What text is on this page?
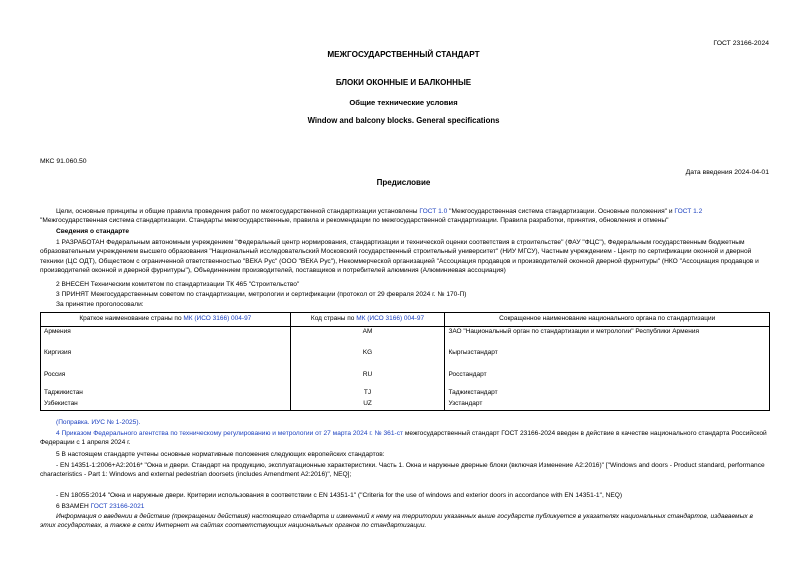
ГОСТ 23166-2024
МЕЖГОСУДАРСТВЕННЫЙ СТАНДАРТ
БЛОКИ ОКОННЫЕ И БАЛКОННЫЕ
Общие технические условия
Window and balcony blocks. General specifications
МКС 91.060.50
Дата введения 2024-04-01
Предисловие
Цели, основные принципы и общие правила проведения работ по межгосударственной стандартизации установлены ГОСТ 1.0 "Межгосударственная система стандартизации. Основные положения" и ГОСТ 1.2 "Межгосударственная система стандартизации. Стандарты межгосударственные, правила и рекомендации по межгосударственной стандартизации. Правила разработки, принятия, обновления и отмены"
Сведения о стандарте
1 РАЗРАБОТАН Федеральным автономным учреждением "Федеральный центр нормирования, стандартизации и технической оценки соответствия в строительстве" (ФАУ "ФЦС"), Федеральным государственным бюджетным образовательным учреждением высшего образования "Национальный исследовательский Московский государственный строительный университет" (НИУ МГСУ), Частным учреждением - Центр по сертификации оконной и дверной техники (ЦС ОДТ), Обществом с ограниченной ответственностью "ВЕКА Рус" (ООО "ВЕКА Рус"), Некоммерческой организацией "Ассоциация продавцов и производителей оконной дверной фурнитуры" (НКО "Ассоциация продавцов и производителей оконной и дверной фурнитуры"), Объединением производителей, поставщиков и потребителей алюминия (Алюминиевая ассоциация)
2 ВНЕСЕН Техническим комитетом по стандартизации ТК 465 "Строительство"
3 ПРИНЯТ Межгосударственным советом по стандартизации, метрологии и сертификации (протокол от 29 февраля 2024 г. № 170-П)
За принятие проголосовали:
Краткое наименование страны по МК (ИСО 3166) 004-97	Код страны по МК (ИСО 3166) 004-97	Сокращенное наименование национального органа по стандартизации
Армения	AM	ЗАО "Национальный орган по стандартизации и метрологии" Республики Армения
Киргизия	KG	Кыргызстандарт
Россия	RU	Росстандарт
Таджикистан	TJ	Таджикстандарт
Узбекистан	UZ	Узстандарт
(Поправка. ИУС № 1-2025).
4 Приказом Федерального агентства по техническому регулированию и метрологии от 27 марта 2024 г. № 361-ст межгосударственный стандарт ГОСТ 23166-2024 введен в действие в качестве национального стандарта Российской Федерации с 1 апреля 2024 г.
5 В настоящем стандарте учтены основные нормативные положения следующих европейских стандартов:
- EN 14351-1:2006+A2:2016* "Окна и двери. Стандарт на продукцию, эксплуатационные характеристики. Часть 1. Окна и наружные дверные блоки (включая Изменение A2:2016)" ["Windows and doors - Product standard, performance characteristics - Part 1: Windows and external pedestrian doorsets (includes Amendment A2:2016)", NEQ];
- EN 18055:2014 "Окна и наружные двери. Критерии использования в соответствии с EN 14351-1" ("Criteria for the use of windows and exterior doors in accordance with EN 14351-1", NEQ)
6 ВЗАМЕН ГОСТ 23166-2021
Информация о введении в действие (прекращении действия) настоящего стандарта и изменений к нему на территории указанных выше государств публикуется в указателях национальных стандартов, издаваемых в этих государствах, а также в сети Интернет на сайтах соответствующих национальных органов по стандартизации.
